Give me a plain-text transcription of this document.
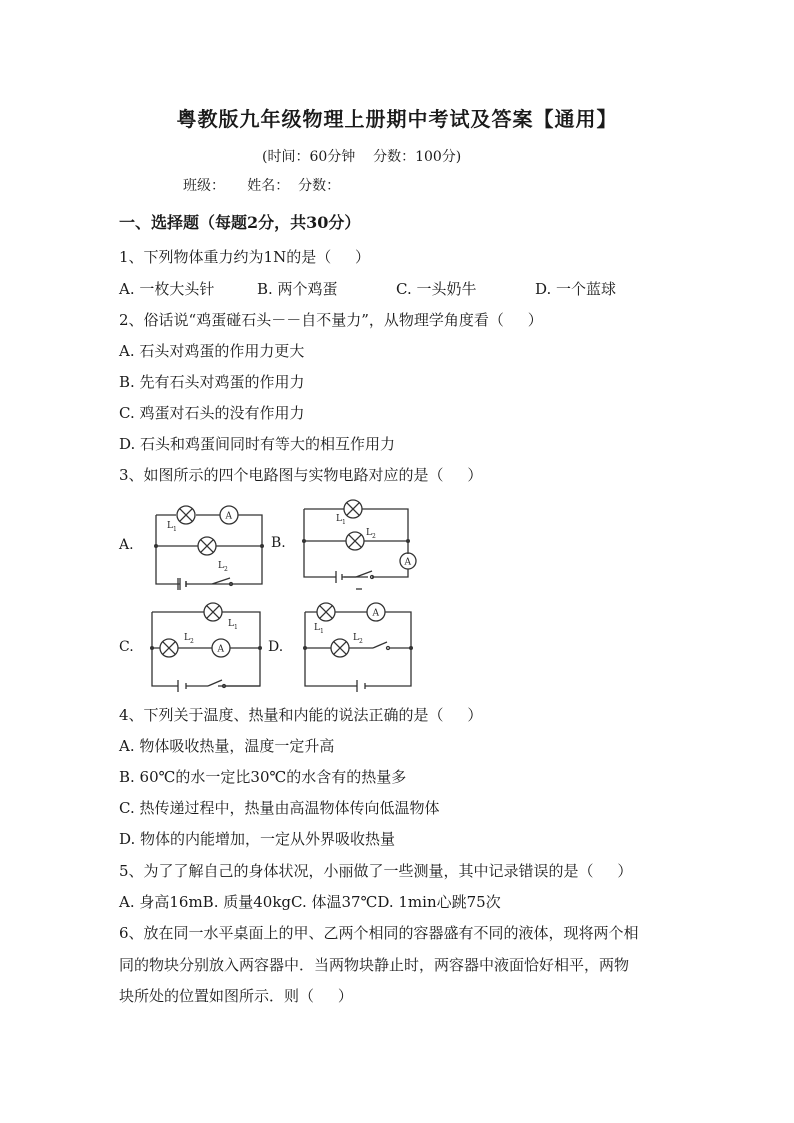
粤教版九年级物理上册期中考试及答案【通用】
(时间：60分钟    分数：100分)
班级：     姓名：  分数：
一、选择题（每题2分，共30分）
1、下列物体重力约为1N的是（     ）

A. 一枚大头针

	B. 两个鸡蛋

	C. 一头奶牛

	D. 一个蓝球

2、俗话说“鸡蛋碰石头－－自不量力”，从物理学角度看（     ）
A. 石头对鸡蛋的作用力更大
B. 先有石头对鸡蛋的作用力
C. 鸡蛋对石头的没有作用力
D. 石头和鸡蛋间同时有等大的相互作用力
3、如图所示的四个电路图与实物电路对应的是（     ）
A.	B.
C.	D.
A
L 1
L 2
A
L 1
L 2
A
L 1
L 2
A
L 1
L 2
4、下列关于温度、热量和内能的说法正确的是（     ）
A. 物体吸收热量，温度一定升高
B. 60℃的水一定比30℃的水含有的热量多
C. 热传递过程中，热量由高温物体传向低温物体
D. 物体的内能增加，一定从外界吸收热量
5、为了了解自己的身体状况，小丽做了一些测量，其中记录错误的是（     ）
A. 身高16mB. 质量40kgC. 体温37℃D. 1min心跳75次
6、放在同一水平桌面上的甲、乙两个相同的容器盛有不同的液体，现将两个相
同的物块分别放入两容器中．当两物块静止时，两容器中液面恰好相平，两物
块所处的位置如图所示．则（     ）
